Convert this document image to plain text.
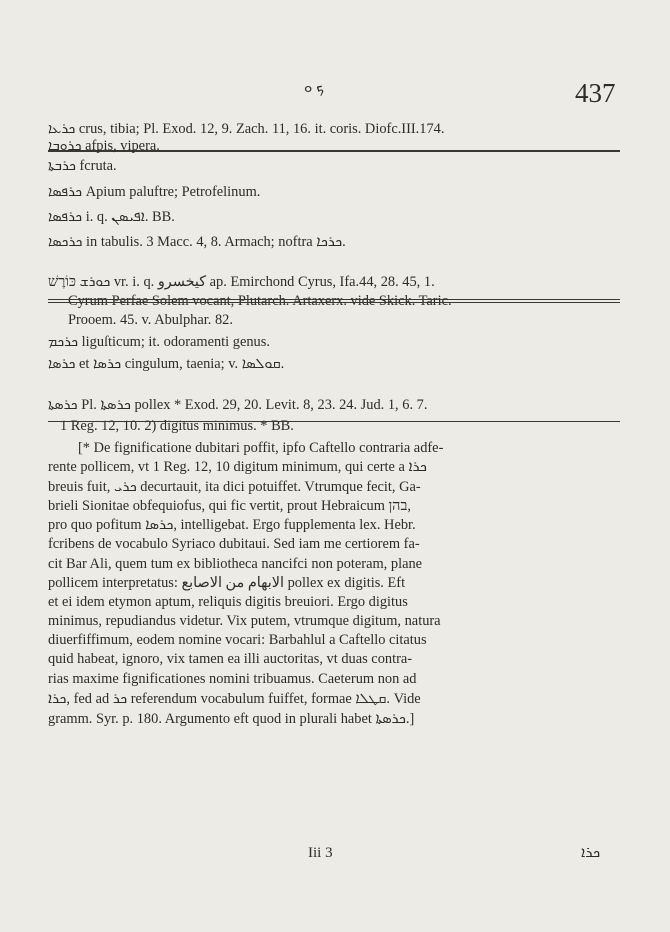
ܟ ܘ	437
ܟܪܥܐ crus, tibia; Pl. Exod. 12, 9. Zach. 11, 16. it. coris. Diofc.III.174.
ܟܪܘܒܐ afpis, vipera.
ܟܪܒܬܐ fcruta.
ܟܪܦܣܐ Apium paluftre; Petrofelinum.
ܟܪܦܣܐ i. q. ܐܦܝܣܢ. BB.
ܟܪܟܣܐ in tabulis. 3 Macc. 4, 8. Armach; noftra ܟܪܟܐ.
ܟܘܪܫ כּוֹרֶשׁ vr. i. q. كيخسرو ap. Emirchond Cyrus, Ifa.44, 28. 45, 1.
Cyrum Perfae Solem vocant, Plutarch. Artaxerx. vide Skick. Taric.
Prooem. 45. v. Abulphar. 82.
ܟܪܟܡ liguſticum; it. odoramenti genus.
ܟܪܣܐ et ܟܪܣܐ cingulum, taenia; v. ܩܘܠܣܐ.
ܟܪܣܬܐ Pl. ܟܪܣܬܐ pollex * Exod. 29, 20. Levit. 8, 23. 24. Jud. 1, 6. 7.
1 Reg. 12, 10. 2) digitus minimus. * BB.
[* De fignificatione dubitari poffit, ipfo Caftello contraria adfe-
rente pollicem, vt 1 Reg. 12, 10 digitum minimum, qui certe a ܟܪܐ
breuis fuit, ܟܪܝ decurtauit, ita dici potuiffet. Vtrumque fecit, Ga-
brieli Sionitae obfequiofus, qui fic vertit, prout Hebraicum בהן,
pro quo pofitum ܟܪܣܐ, intelligebat. Ergo fupplementa lex. Hebr.
fcribens de vocabulo Syriaco dubitaui. Sed iam me certiorem fa-
cit Bar Ali, quem tum ex bibliotheca nancifci non poteram, plane
pollicem interpretatus: الابهام من الاصابع pollex ex digitis. Eft
et ei idem etymon aptum, reliquis digitis breuiori. Ergo digitus
minimus, repudiandus videtur. Vix putem, vtrumque digitum, natura
diuerfiffimum, eodem nomine vocari: Barbahlul a Caftello citatus
quid habeat, ignoro, vix tamen ea illi auctoritas, vt duas contra-
rias maxime fignificationes nomini tribuamus. Caeterum non ad
ܟܪܐ, fed ad ܟܪ referendum vocabulum fuiffet, formae ܩܛܠܐ. Vide
gramm. Syr. p. 180. Argumento eft quod in plurali habet ܟܪܣܬܐ.]
Iii 3	ܟܪܐ
